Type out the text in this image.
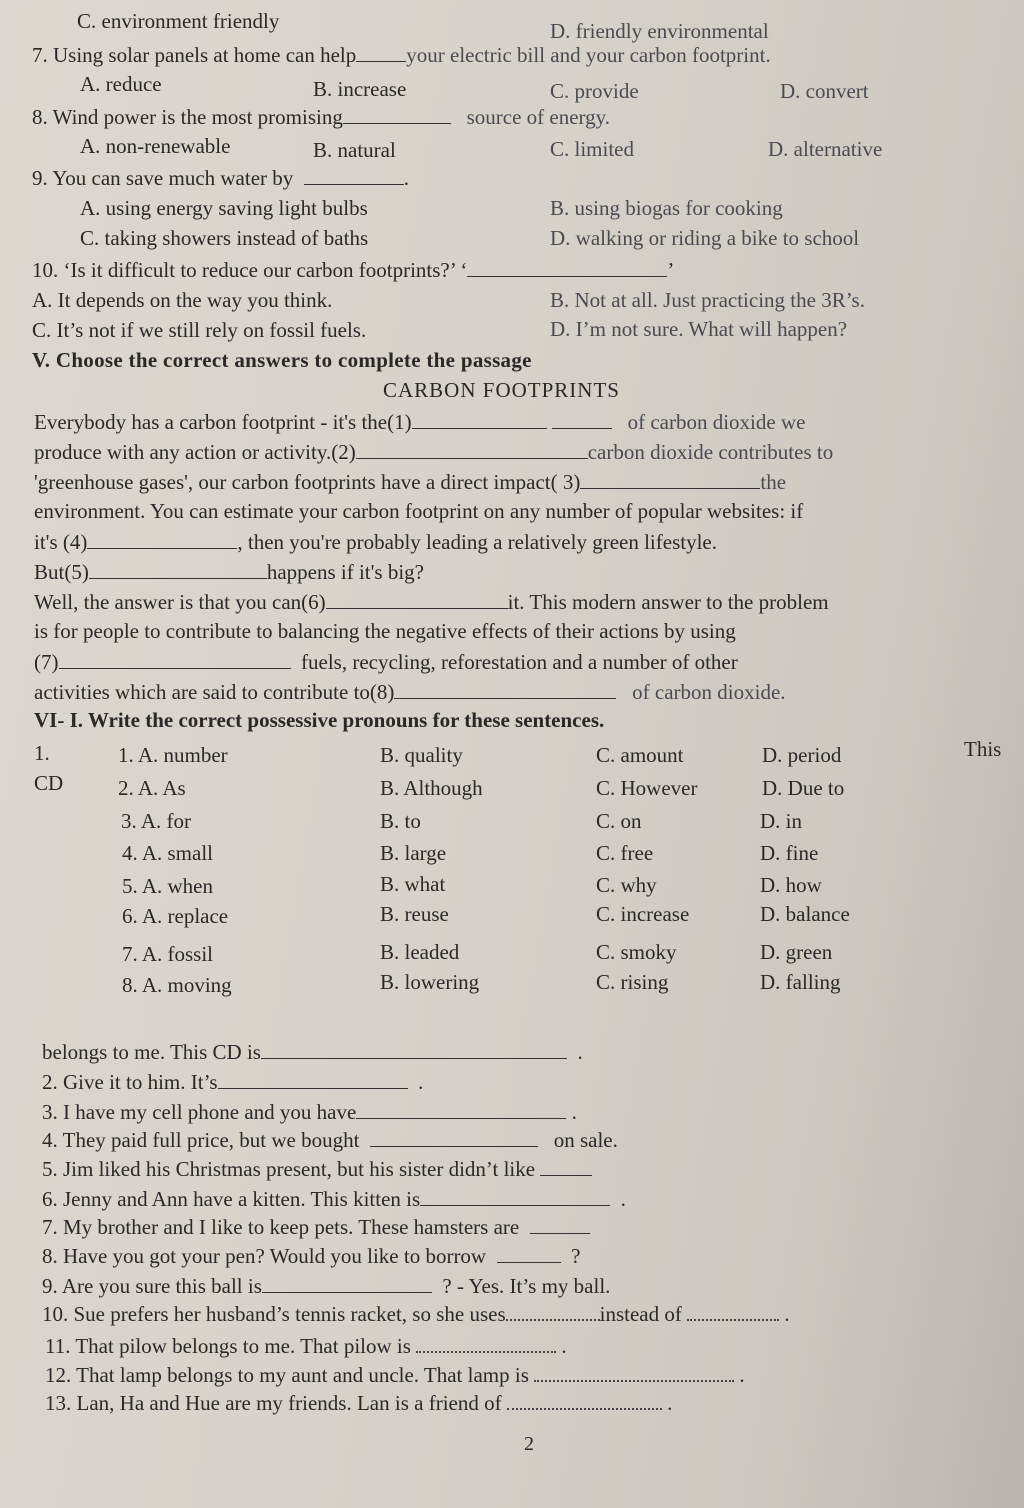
C. environment friendly	D. friendly environmental
7. Using solar panels at home can help your electric bill and your carbon footprint.
A. reduce	B. increase	C. provide	D. convert
8. Wind power is the most promising	source of energy.
A. non-renewable	B. natural	C. limited	D. alternative
9. You can save much water by	.
A. using energy saving light bulbs	B. using biogas for cooking
C. taking showers instead of baths	D. walking or riding a bike to school
10. ‘Is it difficult to reduce our carbon footprints?’ ‘	’
A. It depends on the way you think.	B. Not at all. Just practicing the 3R’s.
C. It’s not if we still rely on fossil fuels.	D. I’m not sure. What will happen?
V. Choose the correct answers to complete the passage
CARBON FOOTPRINTS
Everybody has a carbon footprint - it's the(1)	of carbon dioxide we
produce with any action or activity.(2)	carbon dioxide contributes to
'greenhouse gases', our carbon footprints have a direct impact( 3)	the
environment. You can estimate your carbon footprint on any number of popular websites: if
it's (4)	, then you're probably leading a relatively green lifestyle.
But(5)	happens if it's big?
Well, the answer is that you can(6)	it. This modern answer to the problem
is for people to contribute to balancing the negative effects of their actions by using
(7)	fuels, recycling, reforestation and a number of other
activities which are said to contribute to(8)	of carbon dioxide.
VI- I. Write the correct possessive pronouns for these sentences.
1.
CD
This
1. A. number	B. quality	C. amount	D. period
2. A. As	B. Although	C. However	D. Due to
3. A. for	B. to	C. on	D. in
4. A. small	B. large	C. free	D. fine
5. A. when	B. what	C. why	D. how
6. A. replace	B. reuse	C. increase	D. balance
7. A. fossil	B. leaded	C. smoky	D. green
8. A. moving	B. lowering	C. rising	D. falling
belongs to me. This CD is	.
2. Give it to him. It’s	.
3. I have my cell phone and you have	.
4. They paid full price, but we bought	on sale.
5. Jim liked his Christmas present, but his sister didn’t like
6. Jenny and Ann have a kitten. This kitten is	.
7. My brother and I like to keep pets. These hamsters are
8. Have you got your pen? Would you like to borrow	?
9. Are you sure this ball is	? - Yes. It’s my ball.
10. Sue prefers her husband’s tennis racket, so she uses	instead of	.
11. That pilow belongs to me. That pilow is	.
12. That lamp belongs to my aunt and uncle. That lamp is	.
13. Lan, Ha and Hue are my friends. Lan is a friend of	.
2
